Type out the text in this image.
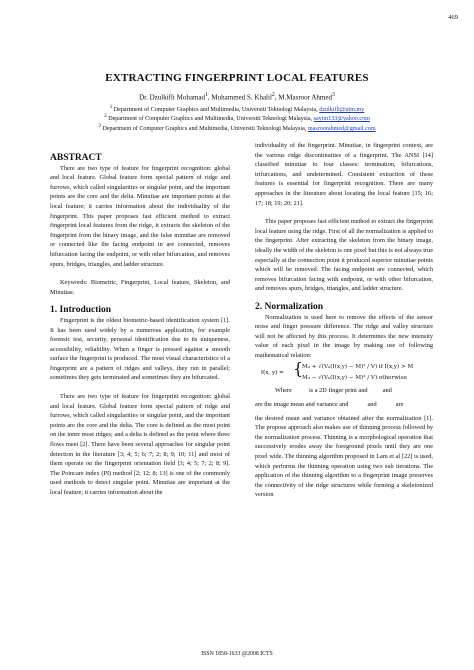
469
EXTRACTING FINGERPRINT LOCAL FEATURES
Dr. Dzulkifli Mohamad$^1$, Mohammed S. Khalil$^2$, M.Masroor Ahmed$^3$
$^1$ Department of Computer Graphics and Multimedia, Universiti Teknologi Malaysia, dzulkifli@utm.my
$^2$ Department of Computer Graphics and Multimedia, Universiti Teknologi Malaysia, sayim133@yahoo.com
$^3$ Department of Computer Graphics and Multimedia, Universiti Teknologi Malaysia, masroorahmed@gmail.com
ABSTRACT

There are two type of feature for fingerprint recognition: global and local feature. Global feature form special pattern of ridge and furrows, which called singularities or singular point, and the important points are the core and the delta. Minutiae are important points at the local feature; it carries information about the individuality of the fingerprint. This paper proposes fast efficient method to extract fingerprint local features from the ridge, it extracts the skeleton of the fingerprint from the binary image, and the false minutiae are removed or connected like the facing endpoint in are connected, removes bifurcation facing the endpoint, or with other bifurcation, and removes spurs, bridges, triangles, and ladder structure.

Keywords: Biometric, Fingerprint, Local feature, Skeleton, and Minutiae.

1. Introduction

Fingerprint is the oldest biometric-based identification system [1]. It has been used widely by a numerous application, for example forensic test, security, personal identification due to its uniqueness, accessibility, reliability. When a finger is pressed against a smooth surface the fingerprint is produced. The most visual characteristics of a fingerprint are a pattern of ridges and valleys, they run in parallel; sometimes they gets terminated and sometimes they are bifurcated.

There are two type of feature for fingerprint recognition: global and local feature. Global feature form special pattern of ridge and furrows, which called singularities or singular point, and the important points are the core and the delta. The core is defined as the most point on the inner most ridges; and a delta is defined as the point where three flows meet [2]. There have been several approaches for singular point detection in the literature [3; 4; 5; 6; 7; 2; 8; 9; 10; 11] and most of them operate on the fingerprint orientation field [3; 4; 5; 7; 2; 8; 9]. The Poincare index (PI) method [2; 12; 8; 13] is one of the commonly used methods to detect singular point. Minutiae are important at the local feature; it carries information about the

individuality of the fingerprint. Minutiae, in fingerprint context, are the various ridge discontinuities of a fingerprint. The ANSI [14] classified minutiae to four classes: termination, bifurcations, trifurcations, and undetermined. Consistent extraction of these features is essential for fingerprint recognition. There are many approaches in the literature about locating the local feature [15; 16; 17; 18; 19; 20; 21].

This paper proposes fast efficient method to extract the fingerprint local feature using the ridge. First of all the normalization is applied to the fingerprint. After extracting the skeleton from the binary image, ideally the width of the skeleton is one pixel but this is not always true especially at the connection point it produced superior minutiae points which will be removed. The facing endpoint are connected, which removes bifurcation facing with endpoint, or with other bifurcation, and removes spurs, bridges, triangles, and ladder structure.

2. Normalization

Normalization is used here to remove the effects of the sensor noise and finger pressure difference. The ridge and valley structure will not be affected by this process. It determines the new intensity value of each pixel in the image by making use of following mathematical relation:

f(x, y) = {
M₀ + √(V₀(I(x,y) − M)² / V) if I(x,y) > M
M₀ − √(V₀(I(x,y) − M)² / V) otherwise

Where	is a 2D finger print and and

are the image mean and variance and	and	are

the desired mean and variance obtained after the normalization [1]. The propose approach also makes use of thinning process followed by the normalization process. Thinning is a morphological operation that successively erodes away the foreground pixels until they are one pixel wide. The thinning algorithm proposed in Lam et al [22] is used, which performs the thinning operation using two sub iterations. The application of the thinning algorithm to a fingerprint image preserves the connectivity of the ridge structures while forming a skeletonized version

ISSN 1858-1633 @2008 ICTS
